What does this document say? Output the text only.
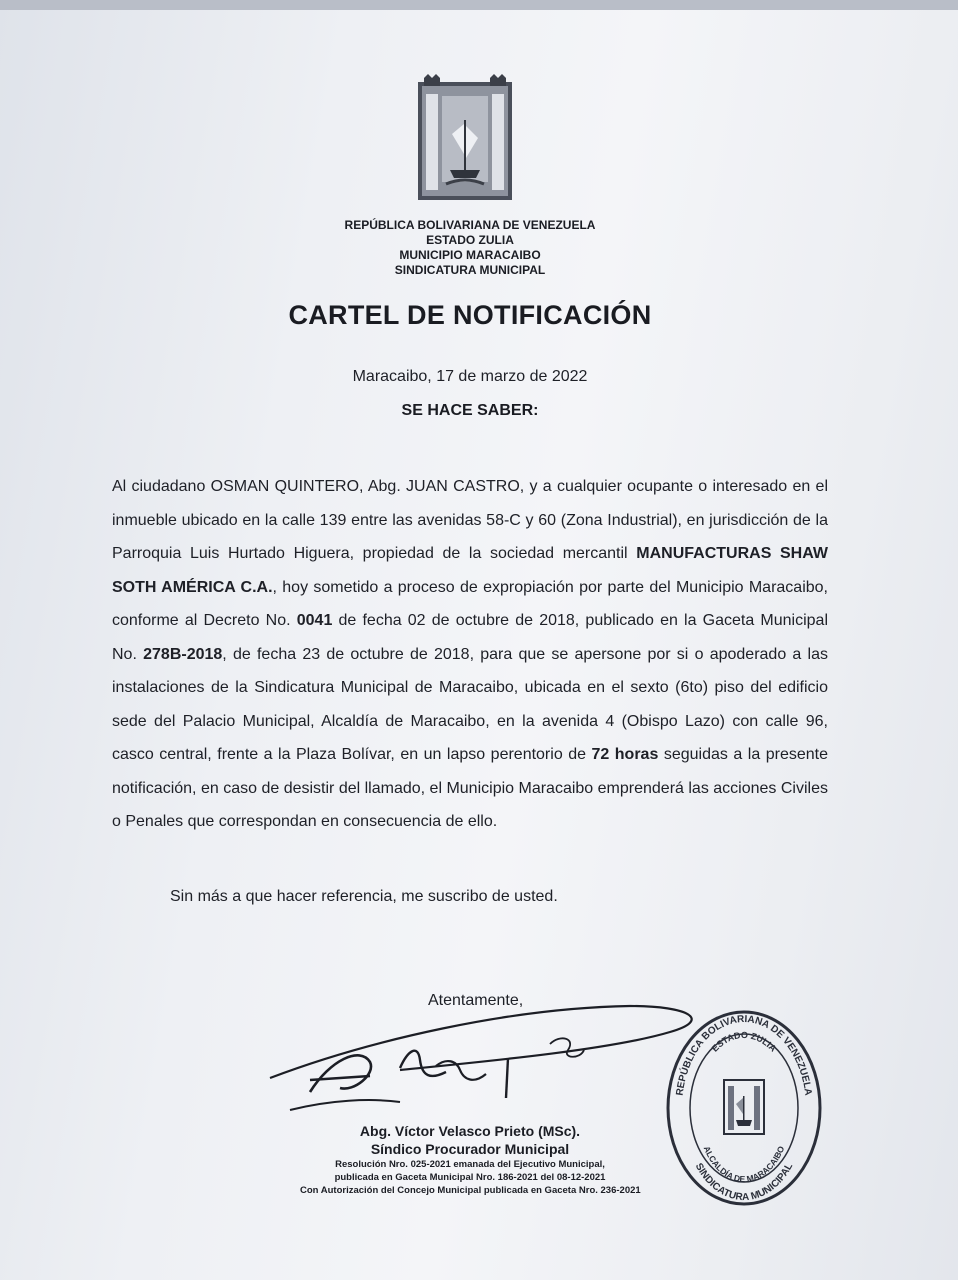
REPÚBLICA BOLIVARIANA DE VENEZUELA
ESTADO ZULIA
MUNICIPIO MARACAIBO
SINDICATURA MUNICIPAL
CARTEL DE NOTIFICACIÓN
Maracaibo, 17 de marzo de 2022
SE HACE SABER:
Al ciudadano OSMAN QUINTERO, Abg. JUAN CASTRO, y a cualquier ocupante o interesado en el inmueble ubicado en la calle 139 entre las avenidas 58-C y 60 (Zona Industrial), en jurisdicción de la Parroquia Luis Hurtado Higuera, propiedad de la sociedad mercantil MANUFACTURAS SHAW SOTH AMÉRICA C.A., hoy sometido a proceso de expropiación por parte del Municipio Maracaibo, conforme al Decreto No. 0041 de fecha 02 de octubre de 2018, publicado en la Gaceta Municipal No. 278B-2018, de fecha 23 de octubre de 2018, para que se apersone por si o apoderado a las instalaciones de la Sindicatura Municipal de Maracaibo, ubicada en el sexto (6to) piso del edificio sede del Palacio Municipal, Alcaldía de Maracaibo, en la avenida 4 (Obispo Lazo) con calle 96, casco central, frente a la Plaza Bolívar, en un lapso perentorio de 72 horas seguidas a la presente notificación, en caso de desistir del llamado, el Municipio Maracaibo emprenderá las acciones Civiles o Penales que correspondan en consecuencia de ello.
Sin más a que hacer referencia, me suscribo de usted.
Atentamente,
Abg. Víctor Velasco Prieto (MSc).
Síndico Procurador Municipal
Resolución Nro. 025-2021 emanada del Ejecutivo Municipal,
publicada en Gaceta Municipal Nro. 186-2021 del 08-12-2021
Con Autorización del Concejo Municipal publicada en Gaceta Nro. 236-2021
REPÚBLICA BOLIVARIANA DE VENEZUELA
ESTADO ZULIA
SINDICATURA MUNICIPAL
ALCALDÍA DE MARACAIBO
